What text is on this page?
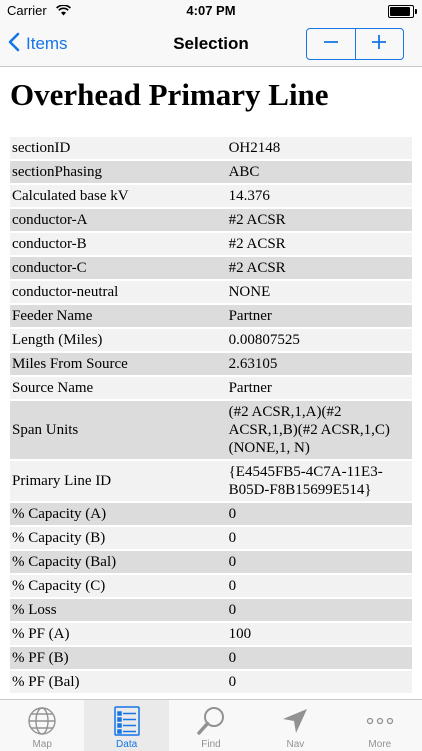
Carrier	4:07 PM
Items	Selection
Overhead Primary Line
sectionID	OH2148
sectionPhasing	ABC
Calculated base kV	14.376
conductor-A	#2 ACSR
conductor-B	#2 ACSR
conductor-C	#2 ACSR
conductor-neutral	NONE
Feeder Name	Partner
Length (Miles)	0.00807525
Miles From Source	2.63105
Source Name	Partner
Span Units	(#2 ACSR,1,A)(#2 ACSR,1,B)(#2 ACSR,1,C)(NONE,1, N)
Primary Line ID	{E4545FB5-4C7A-11E3-B05D-F8B15699E514}
% Capacity (A)	0
% Capacity (B)	0
% Capacity (Bal)	0
% Capacity (C)	0
% Loss	0
% PF (A)	100
% PF (B)	0
% PF (Bal)	0
Map	Data	Find	Nav	More
